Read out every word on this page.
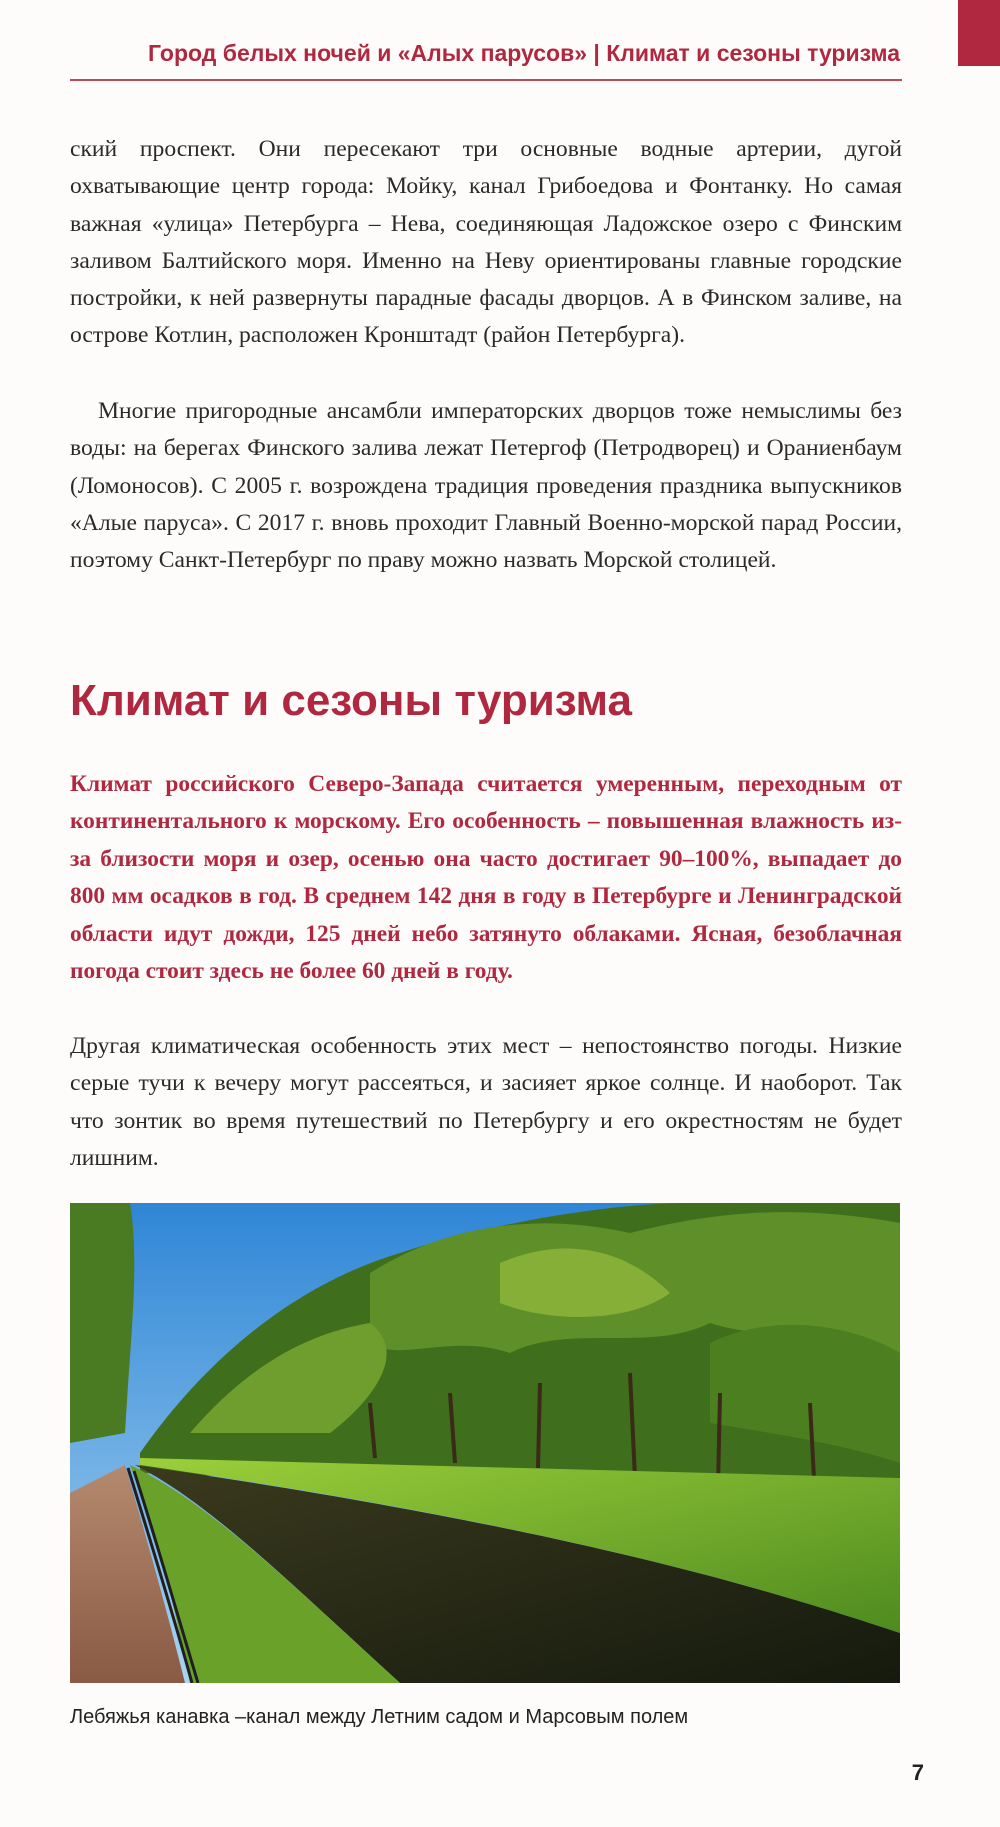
Город белых ночей и «Алых парусов» | Климат и сезоны туризма

ский проспект. Они пересекают три основные водные артерии, дугой охватывающие центр города: Мойку, канал Грибоедова и Фонтанку. Но самая важная «улица» Петербурга – Нева, соединяющая Ладожское озеро с Финским заливом Балтийского моря. Именно на Неву ориентированы главные городские постройки, к ней развернуты парадные фасады дворцов. А в Финском заливе, на острове Котлин, расположен Кронштадт (район Петербурга).

Многие пригородные ансамбли императорских дворцов тоже немыслимы без воды: на берегах Финского залива лежат Петергоф (Петродворец) и Ораниенбаум (Ломоносов). С 2005 г. возрождена традиция проведения праздника выпускников «Алые паруса». С 2017 г. вновь проходит Главный Военно-морской парад России, поэтому Санкт-Петербург по праву можно назвать Морской столицей.

Климат и сезоны туризма

Климат российского Северо-Запада считается умеренным, переходным от континентального к морскому. Его особенность – повышенная влажность из-за близости моря и озер, осенью она часто достигает 90–100%, выпадает до 800 мм осадков в год. В среднем 142 дня в году в Петербурге и Ленинградской области идут дожди, 125 дней небо затянуто облаками. Ясная, безоблачная погода стоит здесь не более 60 дней в году.

Другая климатическая особенность этих мест – непостоянство погоды. Низкие серые тучи к вечеру могут рассеяться, и засияет яркое солнце. И наоборот. Так что зонтик во время путешествий по Петербургу и его окрестностям не будет лишним.

Лебяжья канавка –канал между Летним садом и Марсовым полем

7
